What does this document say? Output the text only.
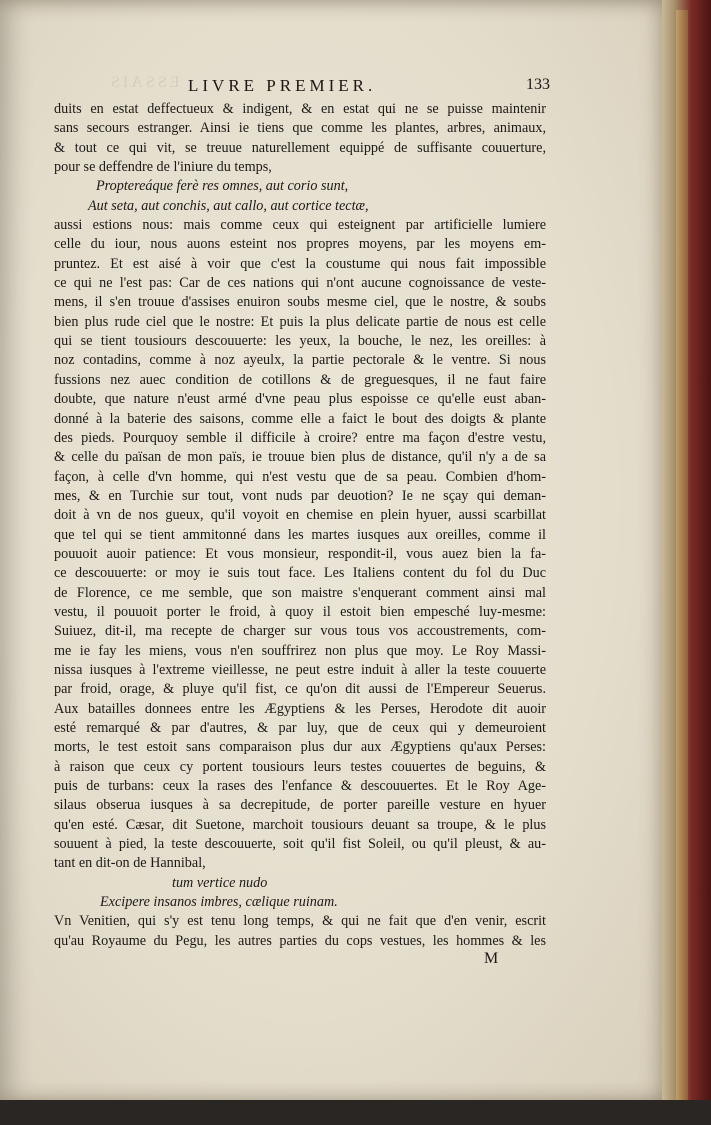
ESSAIS LIVRE PREMIER.	133
duits en estat deffectueux & indigent, & en estat qui ne se puisse maintenir
sans secours estranger. Ainsi ie tiens que comme les plantes, arbres, animaux,
& tout ce qui vit, se treuue naturellement equippé de suffisante couuerture,
pour se deffendre de l'iniure du temps,
Proptereáque ferè res omnes, aut corio sunt,
Aut seta, aut conchis, aut callo, aut cortice tectæ,
aussi estions nous: mais comme ceux qui esteignent par artificielle lumiere
celle du iour, nous auons esteint nos propres moyens, par les moyens em-
pruntez. Et est aisé à voir que c'est la coustume qui nous fait impossible
ce qui ne l'est pas: Car de ces nations qui n'ont aucune cognoissance de veste-
mens, il s'en trouue d'assises enuiron soubs mesme ciel, que le nostre, & soubs
bien plus rude ciel que le nostre: Et puis la plus delicate partie de nous est celle
qui se tient tousiours descouuerte: les yeux, la bouche, le nez, les oreilles: à
noz contadins, comme à noz ayeulx, la partie pectorale & le ventre. Si nous
fussions nez auec condition de cotillons & de greguesques, il ne faut faire
doubte, que nature n'eust armé d'vne peau plus espoisse ce qu'elle eust aban-
donné à la baterie des saisons, comme elle a faict le bout des doigts & plante
des pieds. Pourquoy semble il difficile à croire? entre ma façon d'estre vestu,
& celle du païsan de mon païs, ie trouue bien plus de distance, qu'il n'y a de sa
façon, à celle d'vn homme, qui n'est vestu que de sa peau. Combien d'hom-
mes, & en Turchie sur tout, vont nuds par deuotion? Ie ne sçay qui deman-
doit à vn de nos gueux, qu'il voyoit en chemise en plein hyuer, aussi scarbillat
que tel qui se tient ammitonné dans les martes iusques aux oreilles, comme il
pouuoit auoir patience: Et vous monsieur, respondit-il, vous auez bien la fa-
ce descouuerte: or moy ie suis tout face. Les Italiens content du fol du Duc
de Florence, ce me semble, que son maistre s'enquerant comment ainsi mal
vestu, il pouuoit porter le froid, à quoy il estoit bien empesché luy-mesme:
Suiuez, dit-il, ma recepte de charger sur vous tous vos accoustrements, com-
me ie fay les miens, vous n'en souffrirez non plus que moy. Le Roy Massi-
nissa iusques à l'extreme vieillesse, ne peut estre induit à aller la teste couuerte
par froid, orage, & pluye qu'il fist, ce qu'on dit aussi de l'Empereur Seuerus.
Aux batailles donnees entre les Ægyptiens & les Perses, Herodote dit auoir
esté remarqué & par d'autres, & par luy, que de ceux qui y demeuroient
morts, le test estoit sans comparaison plus dur aux Ægyptiens qu'aux Perses:
à raison que ceux cy portent tousiours leurs testes couuertes de beguins, &
puis de turbans: ceux la rases des l'enfance & descouuertes. Et le Roy Age-
silaus obserua iusques à sa decrepitude, de porter pareille vesture en hyuer
qu'en esté. Cæsar, dit Suetone, marchoit tousiours deuant sa troupe, & le plus
souuent à pied, la teste descouuerte, soit qu'il fist Soleil, ou qu'il pleust, & au-
tant en dit-on de Hannibal,
tum vertice nudo
Excipere insanos imbres, cælique ruinam.
Vn Venitien, qui s'y est tenu long temps, & qui ne fait que d'en venir, escrit
qu'au Royaume du Pegu, les autres parties du cops vestues, les hommes & les
M
